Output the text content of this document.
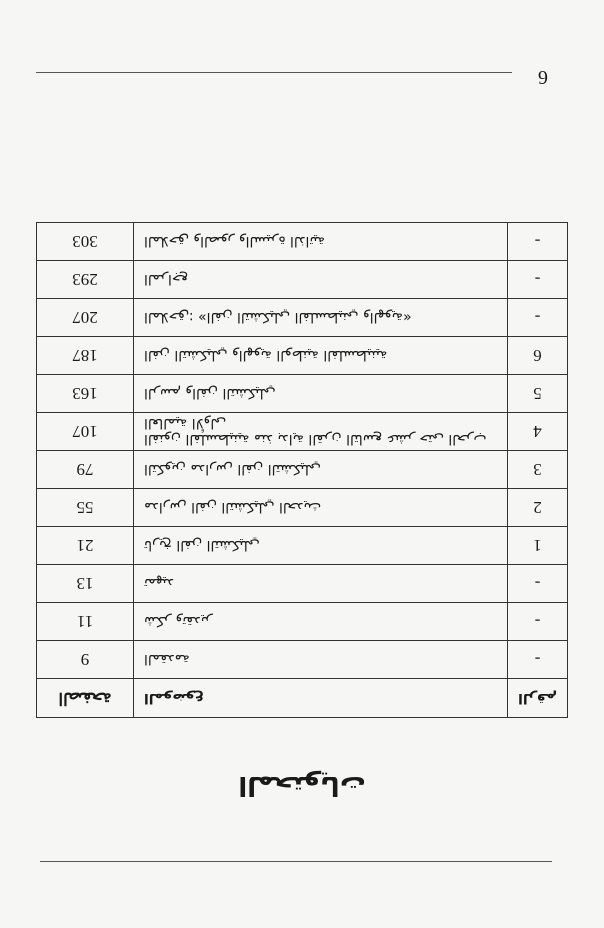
المحتويات
الصفحة	الموضوع	الرقم
9	المقدمة	-
11	شكر وتقدير	-
13	تمهيد	-
21	تاريخ الفن التشكيلي	1
55	مدارس الفن التشكيلي الحديث	2
79	التكوين مدارس الفن التشكيلي	3
107	الفنون الفلسطينية منذ بداية القرن التاسع عشر حتى الحرب العالمية الأولى	4
163	الرسم والفن التشكيلي	5
187	الفن التشكيلي والهوية الوطنية الفلسطينية	6
207	الملاحق: «الفن التشكيلي الفلسطيني والهوية»	-
293	المراجع	-
303	الملاحق والصور والسيرة الذاتية	-
6
